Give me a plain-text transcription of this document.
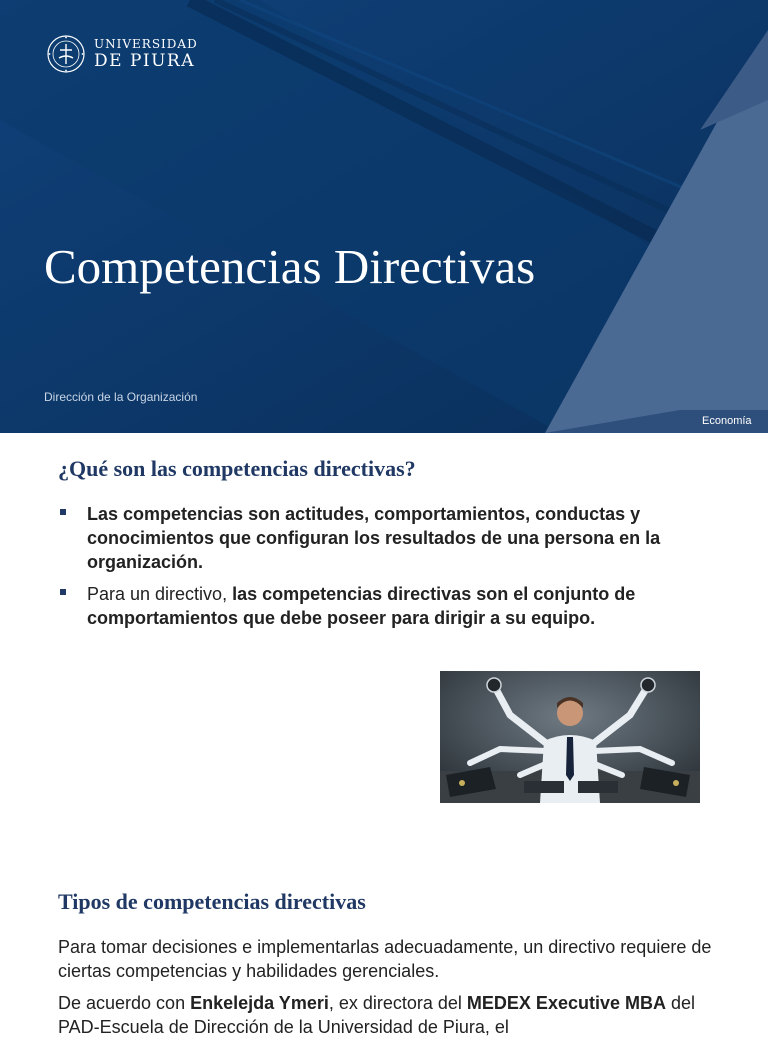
UNIVERSIDAD
DE PIURA
Competencias Directivas
Dirección de la Organización
Economía
¿Qué son las competencias directivas?
Las competencias son actitudes, comportamientos, conductas y conocimientos que configuran los resultados de una persona en la organización.
Para un directivo, las competencias directivas son el conjunto de comportamientos que debe poseer para dirigir a su equipo.
Tipos de competencias directivas

Para tomar decisiones e implementarlas adecuadamente, un directivo requiere de ciertas competencias y habilidades gerenciales.

De acuerdo con Enkelejda Ymeri, ex directora del MEDEX Executive MBA del PAD-Escuela de Dirección de la Universidad de Piura, el
